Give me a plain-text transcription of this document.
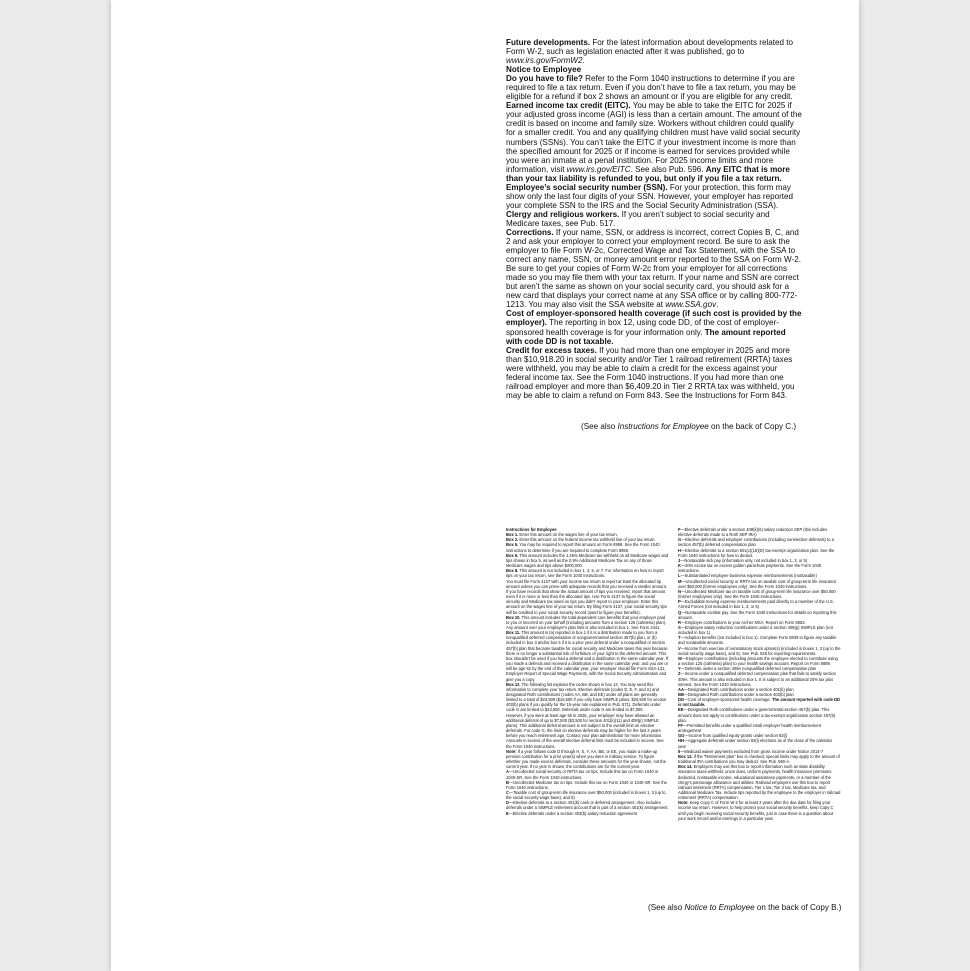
Future developments. For the latest information about developments related to Form W-2, such as legislation enacted after it was published, go to www.irs.gov/FormW2.

Notice to Employee

Do you have to file? Refer to the Form 1040 instructions to determine if you are required to file a tax return. Even if you don’t have to file a tax return, you may be eligible for a refund if box 2 shows an amount or if you are eligible for any credit.

Earned income tax credit (EITC). You may be able to take the EITC for 2025 if your adjusted gross income (AGI) is less than a certain amount. The amount of the credit is based on income and family size. Workers without children could qualify for a smaller credit. You and any qualifying children must have valid social security numbers (SSNs). You can’t take the EITC if your investment income is more than the specified amount for 2025 or if income is earned for services provided while you were an inmate at a penal institution. For 2025 income limits and more information, visit www.irs.gov/EITC. See also Pub. 596. Any EITC that is more than your tax liability is refunded to you, but only if you file a tax return.

Employee’s social security number (SSN). For your protection, this form may show only the last four digits of your SSN. However, your employer has reported your complete SSN to the IRS and the Social Security Administration (SSA).

Clergy and religious workers. If you aren’t subject to social security and Medicare taxes, see Pub. 517.

Corrections. If your name, SSN, or address is incorrect, correct Copies B, C, and 2 and ask your employer to correct your employment record. Be sure to ask the employer to file Form W-2c, Corrected Wage and Tax Statement, with the SSA to correct any name, SSN, or money amount error reported to the SSA on Form W-2. Be sure to get your copies of Form W-2c from your employer for all corrections made so you may file them with your tax return. If your name and SSN are correct but aren’t the same as shown on your social security card, you should ask for a new card that displays your correct name at any SSA office or by calling 800-772-1213. You may also visit the SSA website at www.SSA.gov.

Cost of employer-sponsored health coverage (if such cost is provided by the employer). The reporting in box 12, using code DD, of the cost of employer-sponsored health coverage is for your information only. The amount reported with code DD is not taxable.

Credit for excess taxes. If you had more than one employer in 2025 and more than $10,918.20 in social security and/or Tier 1 railroad retirement (RRTA) taxes were withheld, you may be able to claim a credit for the excess against your federal income tax. See the Form 1040 instructions. If you had more than one railroad employer and more than $6,409.20 in Tier 2 RRTA tax was withheld, you may be able to claim a refund on Form 843. See the Instructions for Form 843.

(See also Instructions for Employee on the back of Copy C.)

Instructions for Employee

Box 1. Enter this amount on the wages line of your tax return.

Box 2. Enter this amount on the federal income tax withheld line of your tax return.

Box 5. You may be required to report this amount on Form 8959. See the Form 1040 instructions to determine if you are required to complete Form 8959.

Box 6. This amount includes the 1.45% Medicare tax withheld on all Medicare wages and tips shown in box 5, as well as the 0.9% Additional Medicare Tax on any of those Medicare wages and tips above $200,000.

Box 8. This amount is not included in box 1, 3, 5, or 7. For information on how to report tips on your tax return, see the Form 1040 instructions.

You must file Form 4137 with your income tax return to report at least the allocated tip amount unless you can prove with adequate records that you received a smaller amount. If you have records that show the actual amount of tips you received, report that amount even if it is more or less than the allocated tips. Use Form 4137 to figure the social security and Medicare tax owed on tips you didn’t report to your employer. Enter this amount on the wages line of your tax return. By filing Form 4137, your social security tips will be credited to your social security record (used to figure your benefits).

Box 10. This amount includes the total dependent care benefits that your employer paid to you or incurred on your behalf (including amounts from a section 125 (cafeteria) plan). Any amount over your employer’s plan limit is also included in box 1. See Form 2441.

Box 11. This amount is (a) reported in box 1 if it is a distribution made to you from a nonqualified deferred compensation or nongovernmental section 457(b) plan, or (b) included in box 3 and/or box 5 if it is a prior year deferral under a nonqualified or section 457(b) plan that became taxable for social security and Medicare taxes this year because there is no longer a substantial risk of forfeiture of your right to the deferred amount. This box shouldn’t be used if you had a deferral and a distribution in the same calendar year. If you made a deferral and received a distribution in the same calendar year, and you are or will be age 62 by the end of the calendar year, your employer should file Form SSA-131, Employer Report of Special Wage Payments, with the Social Security Administration and give you a copy.

Box 12. The following list explains the codes shown in box 12. You may need this information to complete your tax return. Elective deferrals (codes D, E, F, and S) and designated Roth contributions (codes AA, BB, and EE) under all plans are generally limited to a total of $23,500 ($16,500 if you only have SIMPLE plans; $26,500 for section 403(b) plans if you qualify for the 15-year rule explained in Pub. 571). Deferrals under code G are limited to $23,500. Deferrals under code H are limited to $7,000.

However, if you were at least age 50 in 2025, your employer may have allowed an additional deferral of up to $7,500 ($3,500 for section 401(k)(11) and 408(p) SIMPLE plans). This additional deferral amount is not subject to the overall limit on elective deferrals. For code G, the limit on elective deferrals may be higher for the last 3 years before you reach retirement age. Contact your plan administrator for more information. Amounts in excess of the overall elective deferral limit must be included in income. See the Form 1040 instructions.

Note: If a year follows code D through H, S, Y, AA, BB, or EE, you made a make-up pension contribution for a prior year(s) when you were in military service. To figure whether you made excess deferrals, consider these amounts for the year shown, not the current year. If no year is shown, the contributions are for the current year.

A—Uncollected social security or RRTA tax on tips. Include this tax on Form 1040 or 1040-SR. See the Form 1040 instructions.

B—Uncollected Medicare tax on tips. Include this tax on Form 1040 or 1040-SR. See the Form 1040 instructions.

C—Taxable cost of group-term life insurance over $50,000 (included in boxes 1, 3 (up to the social security wage base), and 5)

D—Elective deferrals to a section 401(k) cash or deferred arrangement. Also includes deferrals under a SIMPLE retirement account that is part of a section 401(k) arrangement.

E—Elective deferrals under a section 403(b) salary reduction agreement

F—Elective deferrals under a section 408(k)(6) salary reduction SEP (this includes elective deferrals made to a Roth SEP IRA)

G—Elective deferrals and employer contributions (including nonelective deferrals) to a section 457(b) deferred compensation plan

H—Elective deferrals to a section 501(c)(18)(D) tax-exempt organization plan. See the Form 1040 instructions for how to deduct.

J—Nontaxable sick pay (information only, not included in box 1, 3, or 5)

K—20% excise tax on excess golden parachute payments. See the Form 1040 instructions.

L—Substantiated employee business expense reimbursements (nontaxable)

M—Uncollected social security or RRTA tax on taxable cost of group-term life insurance over $50,000 (former employees only). See the Form 1040 instructions.

N—Uncollected Medicare tax on taxable cost of group-term life insurance over $50,000 (former employees only). See the Form 1040 instructions.

P—Excludable moving expense reimbursements paid directly to a member of the U.S. Armed Forces (not included in box 1, 3, or 5)

Q—Nontaxable combat pay. See the Form 1040 instructions for details on reporting this amount.

R—Employer contributions to your Archer MSA. Report on Form 8853.

S—Employee salary reduction contributions under a section 408(p) SIMPLE plan (not included in box 1)

T—Adoption benefits (not included in box 1). Complete Form 8839 to figure any taxable and nontaxable amounts.

V—Income from exercise of nonstatutory stock option(s) (included in boxes 1, 3 (up to the social security wage base), and 5). See Pub. 525 for reporting requirements.

W—Employer contributions (including amounts the employee elected to contribute using a section 125 (cafeteria) plan) to your health savings account. Report on Form 8889.

Y—Deferrals under a section 409A nonqualified deferred compensation plan

Z—Income under a nonqualified deferred compensation plan that fails to satisfy section 409A. This amount is also included in box 1. It is subject to an additional 20% tax plus interest. See the Form 1040 instructions.

AA—Designated Roth contributions under a section 401(k) plan

BB—Designated Roth contributions under a section 403(b) plan

DD—Cost of employer-sponsored health coverage. The amount reported with code DD is not taxable.

EE—Designated Roth contributions under a governmental section 457(b) plan. This amount does not apply to contributions under a tax-exempt organization section 457(b) plan.

FF—Permitted benefits under a qualified small employer health reimbursement arrangement

GG—Income from qualified equity grants under section 83(i)

HH—Aggregate deferrals under section 83(i) elections as of the close of the calendar year

II—Medicaid waiver payments excluded from gross income under Notice 2014-7

Box 13. If the “Retirement plan” box is checked, special limits may apply to the amount of traditional IRA contributions you may deduct. See Pub. 590-A.

Box 14. Employers may use this box to report information such as state disability insurance taxes withheld, union dues, uniform payments, health insurance premiums deducted, nontaxable income, educational assistance payments, or a member of the clergy’s parsonage allowance and utilities. Railroad employers use this box to report railroad retirement (RRTA) compensation, Tier 1 tax, Tier 2 tax, Medicare tax, and Additional Medicare Tax. Include tips reported by the employee to the employer in railroad retirement (RRTA) compensation.

Note: Keep Copy C of Form W-2 for at least 3 years after the due date for filing your income tax return. However, to help protect your social security benefits, keep Copy C until you begin receiving social security benefits, just in case there is a question about your work record and/or earnings in a particular year.

(See also Notice to Employee on the back of Copy B.)
